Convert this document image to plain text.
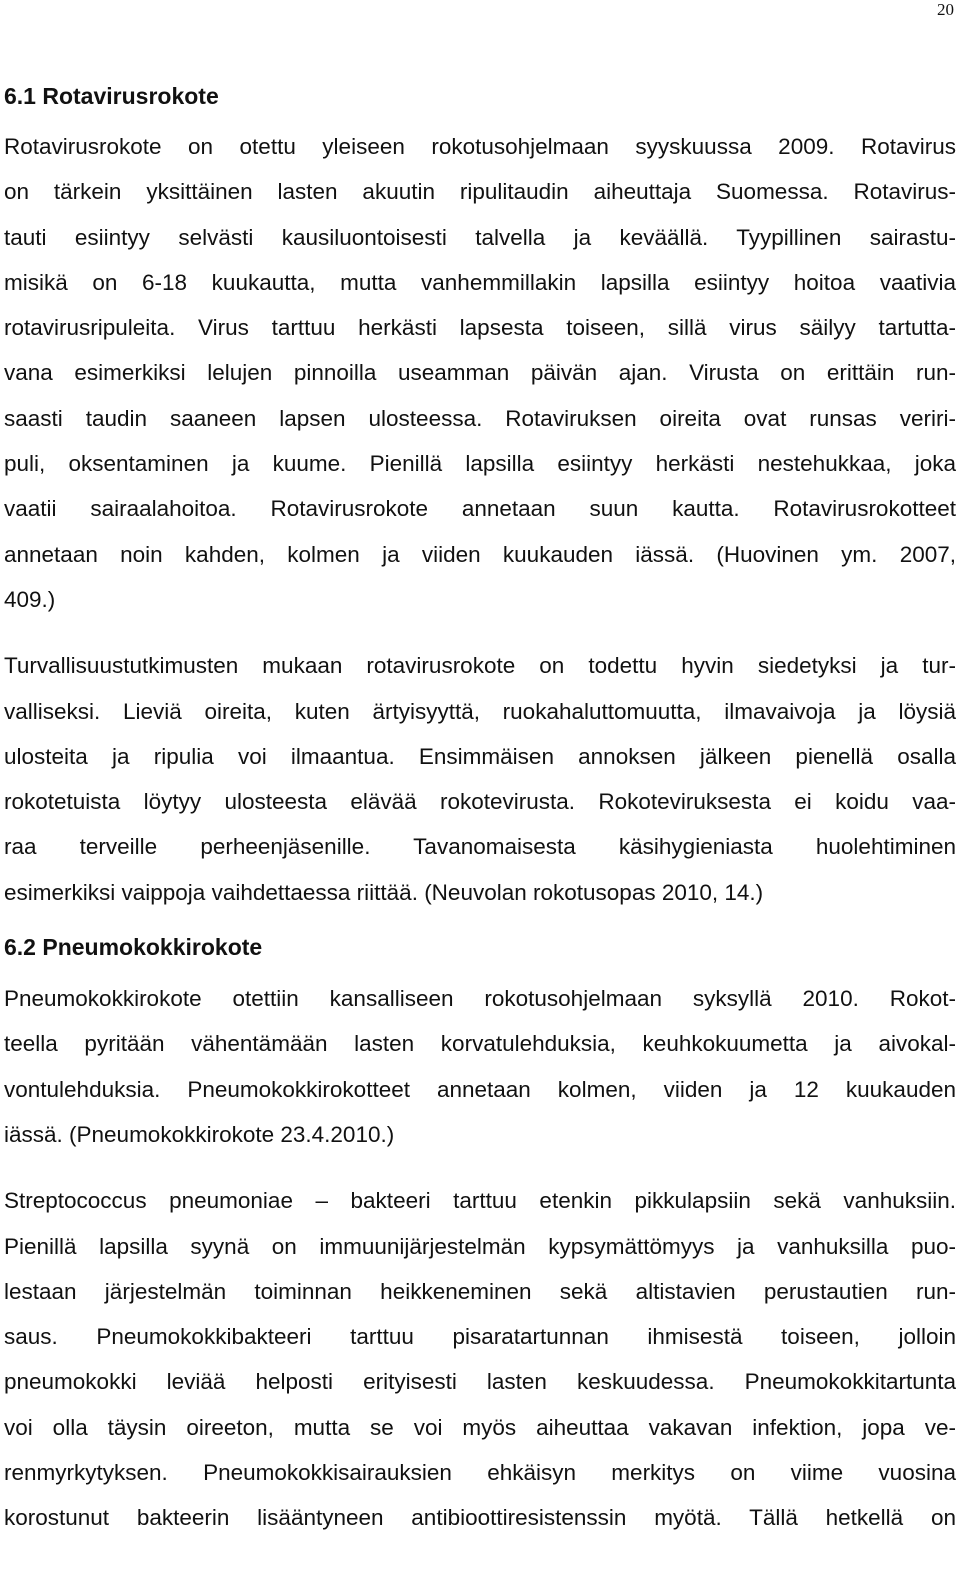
20
6.1 Rotavirusrokote
Rotavirusrokote on otettu yleiseen rokotusohjelmaan syyskuussa 2009. Rotavirus
on tärkein yksittäinen lasten akuutin ripulitaudin aiheuttaja Suomessa. Rotavirus-
tauti esiintyy selvästi kausiluontoisesti talvella ja keväällä. Tyypillinen sairastu-
misikä on 6-18 kuukautta, mutta vanhemmillakin lapsilla esiintyy hoitoa vaativia
rotavirusripuleita. Virus tarttuu herkästi lapsesta toiseen, sillä virus säilyy tartutta-
vana esimerkiksi lelujen pinnoilla useamman päivän ajan. Virusta on erittäin run-
saasti taudin saaneen lapsen ulosteessa. Rotaviruksen oireita ovat runsas veriri-
puli, oksentaminen ja kuume. Pienillä lapsilla esiintyy herkästi nestehukkaa, joka
vaatii sairaalahoitoa. Rotavirusrokote annetaan suun kautta. Rotavirusrokotteet
annetaan noin kahden, kolmen ja viiden kuukauden iässä. (Huovinen ym. 2007,
409.)
Turvallisuustutkimusten mukaan rotavirusrokote on todettu hyvin siedetyksi ja tur-
valliseksi. Lieviä oireita, kuten ärtyisyyttä, ruokahaluttomuutta, ilmavaivoja ja löysiä
ulosteita ja ripulia voi ilmaantua. Ensimmäisen annoksen jälkeen pienellä osalla
rokotetuista löytyy ulosteesta elävää rokotevirusta. Rokoteviruksesta ei koidu vaa-
raa terveille perheenjäsenille. Tavanomaisesta käsihygieniasta huolehtiminen
esimerkiksi vaippoja vaihdettaessa riittää. (Neuvolan rokotusopas 2010, 14.)
6.2 Pneumokokkirokote
Pneumokokkirokote otettiin kansalliseen rokotusohjelmaan syksyllä 2010. Rokot-
teella pyritään vähentämään lasten korvatulehduksia, keuhkokuumetta ja aivokal-
vontulehduksia. Pneumokokkirokotteet annetaan kolmen, viiden ja 12 kuukauden
iässä. (Pneumokokkirokote 23.4.2010.)
Streptococcus pneumoniae – bakteeri tarttuu etenkin pikkulapsiin sekä vanhuksiin.
Pienillä lapsilla syynä on immuunijärjestelmän kypsymättömyys ja vanhuksilla puo-
lestaan järjestelmän toiminnan heikkeneminen sekä altistavien perustautien run-
saus. Pneumokokkibakteeri tarttuu pisaratartunnan ihmisestä toiseen, jolloin
pneumokokki leviää helposti erityisesti lasten keskuudessa. Pneumokokkitartunta
voi olla täysin oireeton, mutta se voi myös aiheuttaa vakavan infektion, jopa ve-
renmyrkytyksen. Pneumokokkisairauksien ehkäisyn merkitys on viime vuosina
korostunut bakteerin lisääntyneen antibioottiresistenssin myötä. Tällä hetkellä on
